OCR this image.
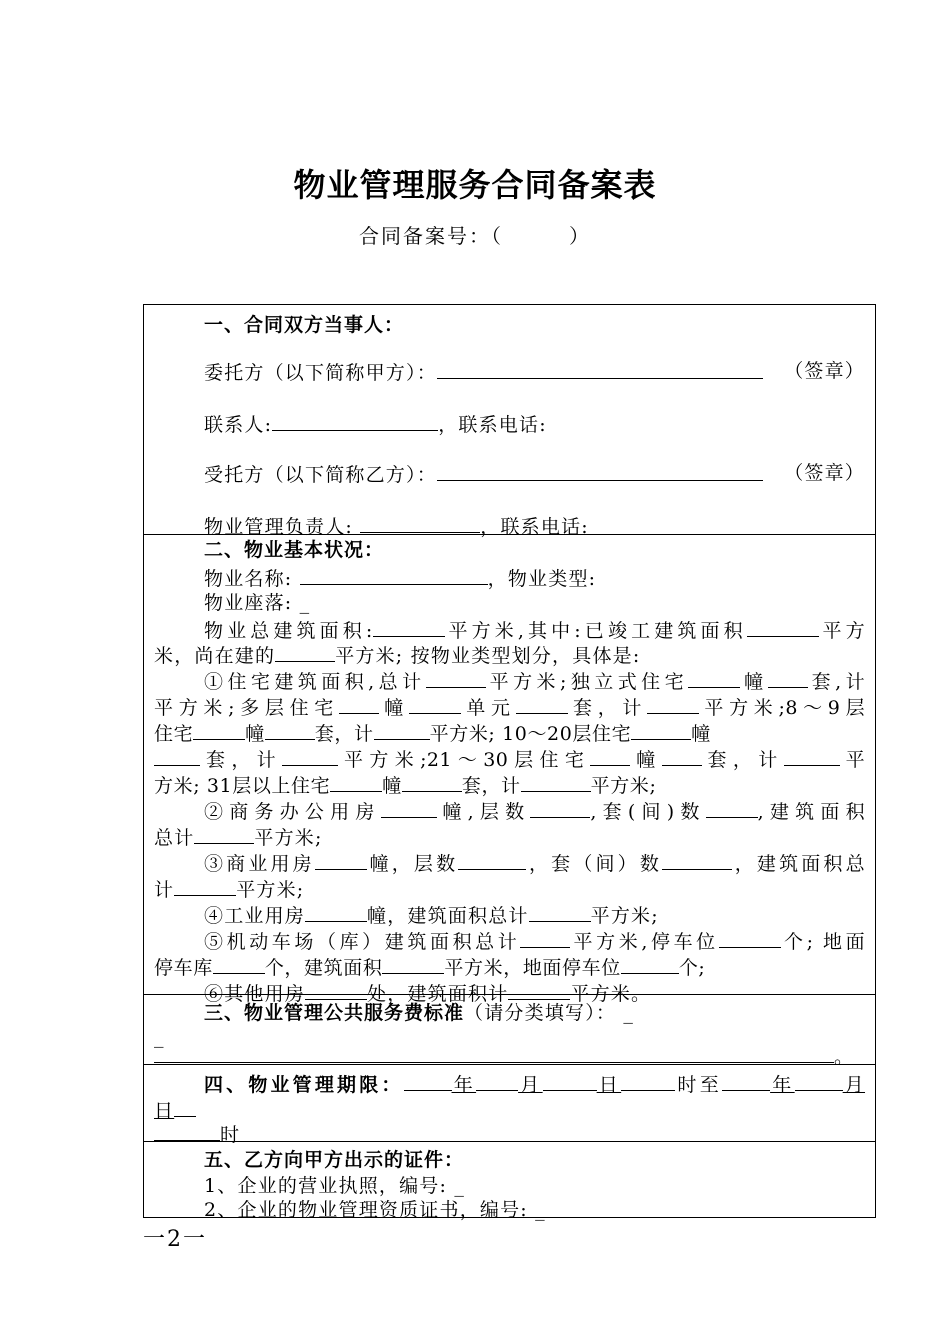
物业管理服务合同备案表
合同备案号：（　　　）
一、合同双方当事人：
委托方（以下简称甲方）：	（签章）
联系人:	，联系电话:
受托方（以下简称乙方）：	（签章）
物业管理负责人:	，联系电话:
二、物业基本状况：
物业名称:	，物业类型:
物业座落: _
物业总建筑面积:	平方米,其中:已竣工建筑面积	平方
米，尚在建的	平方米; 按物业类型划分，具体是:
①住宅建筑面积,总计	平方米;独立式住宅	幢 套,计
平方米;多层住宅 幢	单元	套，计	平方米;8～9层
住宅	幢	套，计	平方米; 10～20层住宅	幢
套，计	平方米;21～30层住宅 幢 套，计	平
方米; 31层以上住宅	幢	套，计	平方米;
②商务办公用房	幢,层数	,套(间)数	,建筑面积
总计	平方米;
③商业用房	幢，层数	，套（间）数	，建筑面积总
计	平方米;
④工业用房	幢，建筑面积总计	平方米;
⑤机动车场（库）建筑面积总计	平方米,停车位	个; 地面
停车库	个，建筑面积	平方米，地面停车位	个;
⑥其他用房	处，建筑面积计	平方米。
三、物业管理公共服务费标准（请分类填写）： _
_
。
四、物业管理期限：	年 月	日	时至	年	月
日
时
五、乙方向甲方出示的证件：
1、企业的营业执照，编号: _
2、企业的物业管理资质证书，编号: _
一2一
